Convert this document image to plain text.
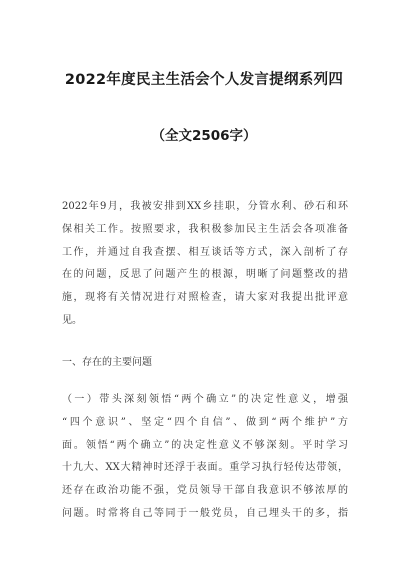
2022年度民主生活会个人发言提纲系列四
（全文2506字）
2022年9月，我被安排到XX乡挂职，分管水利、砂石和环
保相关工作。按照要求，我积极参加民主生活会各项准备
工作，并通过自我查摆、相互谈话等方式，深入剖析了存
在的问题，反思了问题产生的根源，明晰了问题整改的措
施，现将有关情况进行对照检查，请大家对我提出批评意
见。
一、存在的主要问题
（一）带头深刻领悟“两个确立”的决定性意义，增强
“四个意识”、坚定“四个自信”、做到“两个维护”方
面。领悟“两个确立”的决定性意义不够深刻。平时学习
十九大、XX大精神时还浮于表面。重学习执行轻传达带领，
还存在政治功能不强，党员领导干部自我意识不够浓厚的
问题。时常将自己等同于一般党员，自己埋头干的多，指
